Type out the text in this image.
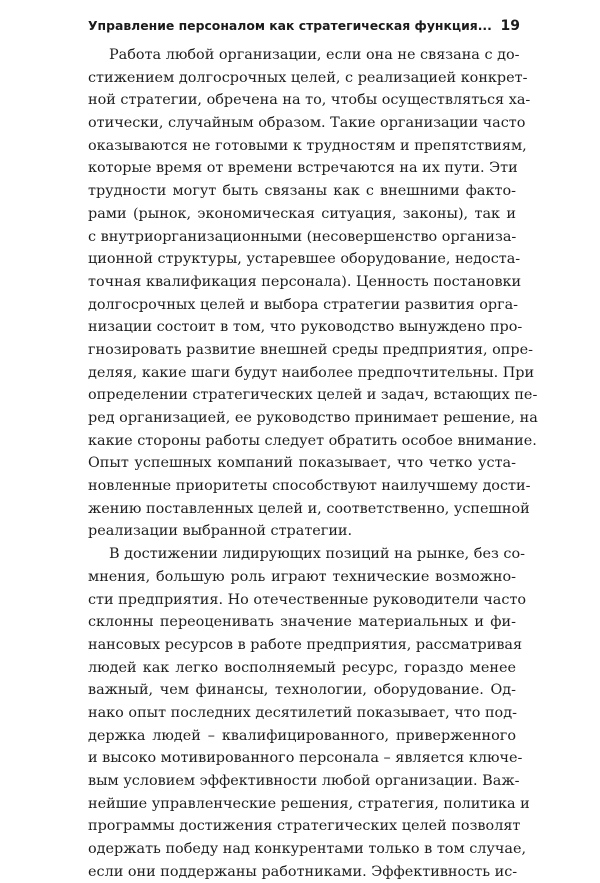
Управление персоналом как стратегическая функция... 19
Работа любой организации, если она не связана с до-
стижением долгосрочных целей, с реализацией конкрет-
ной стратегии, обречена на то, чтобы осуществляться ха-
отически, случайным образом. Такие организации часто
оказываются не готовыми к трудностям и препятствиям,
которые время от времени встречаются на их пути. Эти
трудности могут быть связаны как с внешними факто-
рами (рынок, экономическая ситуация, законы), так и
с внутриорганизационными (несовершенство организа-
ционной структуры, устаревшее оборудование, недоста-
точная квалификация персонала). Ценность постановки
долгосрочных целей и выбора стратегии развития орга-
низации состоит в том, что руководство вынуждено про-
гнозировать развитие внешней среды предприятия, опре-
деляя, какие шаги будут наиболее предпочтительны. При
определении стратегических целей и задач, встающих пе-
ред организацией, ее руководство принимает решение, на
какие стороны работы следует обратить особое внимание.
Опыт успешных компаний показывает, что четко уста-
новленные приоритеты способствуют наилучшему дости-
жению поставленных целей и, соответственно, успешной
реализации выбранной стратегии.
В достижении лидирующих позиций на рынке, без со-
мнения, большую роль играют технические возможно-
сти предприятия. Но отечественные руководители часто
склонны переоценивать значение материальных и фи-
нансовых ресурсов в работе предприятия, рассматривая
людей как легко восполняемый ресурс, гораздо менее
важный, чем финансы, технологии, оборудование. Од-
нако опыт последних десятилетий показывает, что под-
держка людей – квалифицированного, приверженного
и высоко мотивированного персонала – является ключе-
вым условием эффективности любой организации. Важ-
нейшие управленческие решения, стратегия, политика и
программы достижения стратегических целей позволят
одержать победу над конкурентами только в том случае,
если они поддержаны работниками. Эффективность ис-
